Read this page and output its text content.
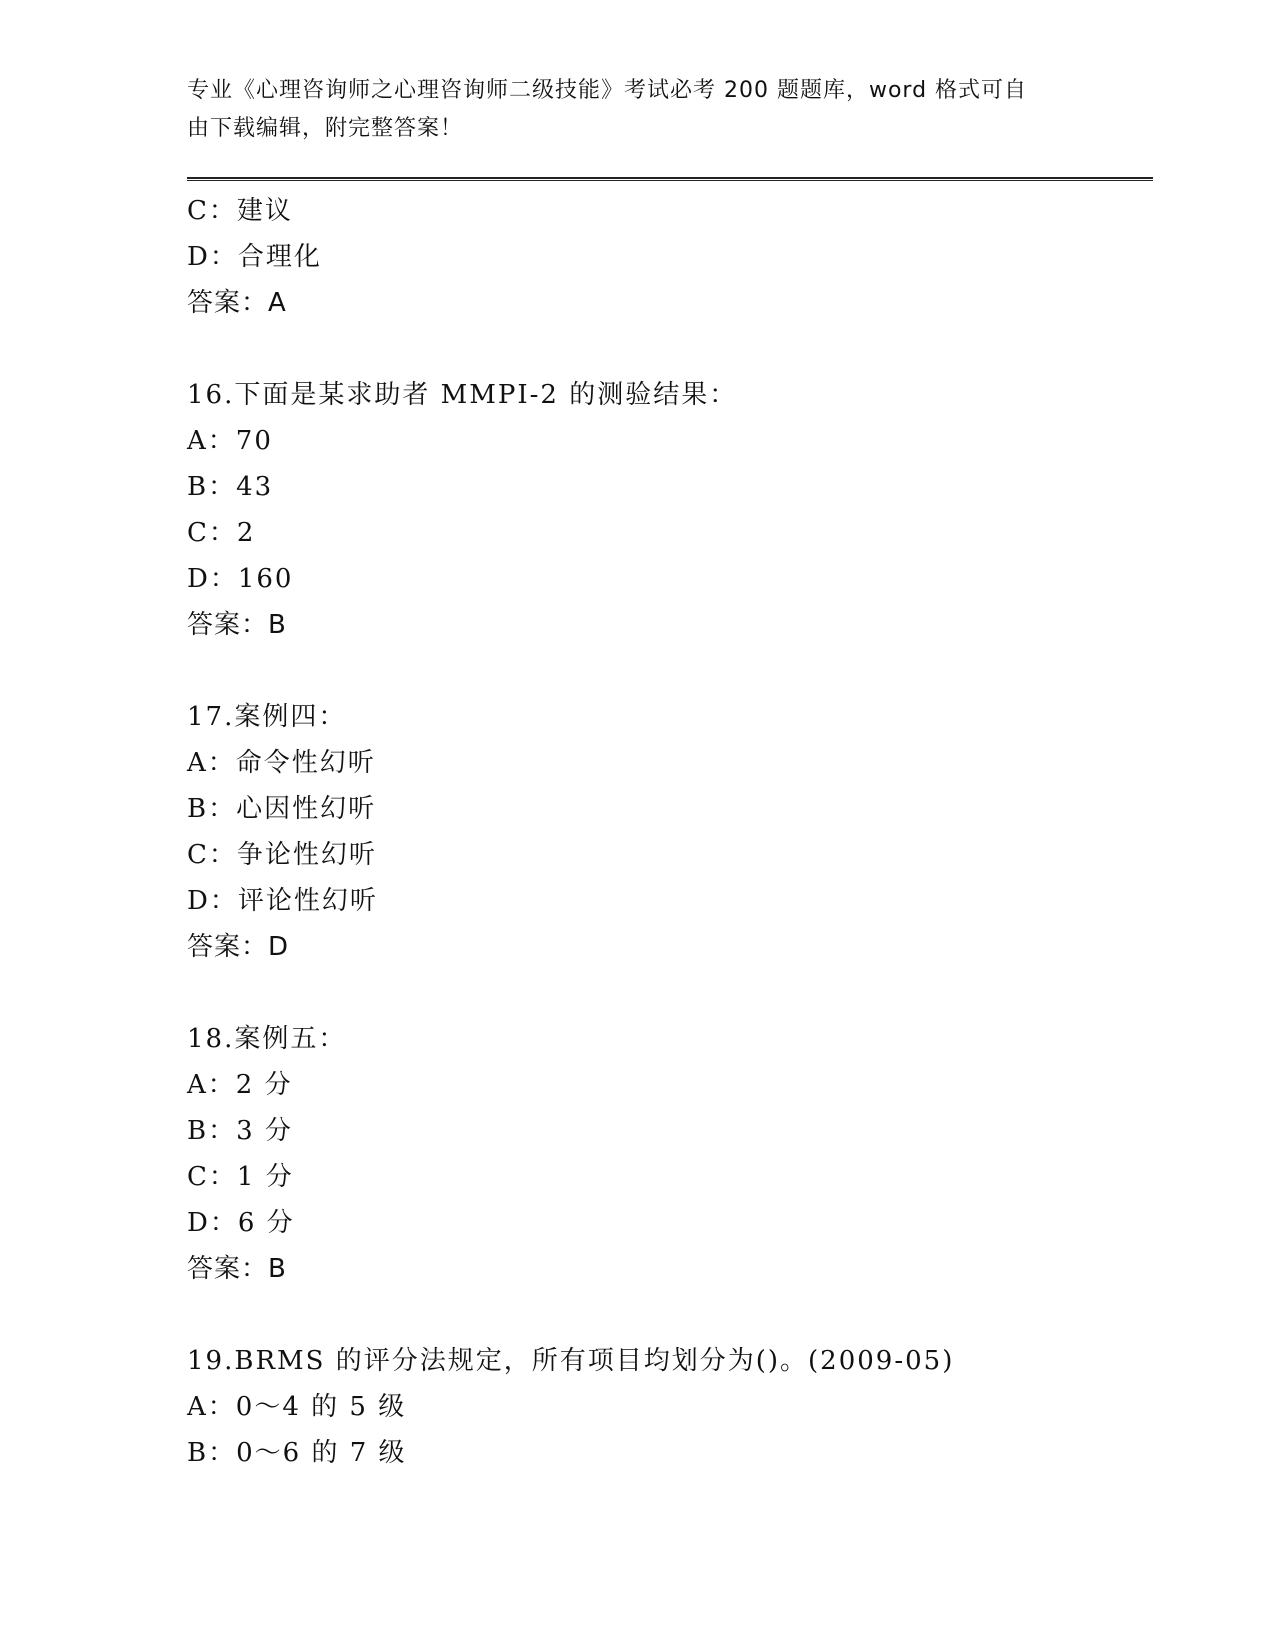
专业《心理咨询师之心理咨询师二级技能》考试必考 200 题题库，word 格式可自
由下载编辑，附完整答案！
C：建议
D：合理化
答案：A
16.下面是某求助者 MMPI-2 的测验结果：
A：70
B：43
C：2
D：160
答案：B
17.案例四：
A：命令性幻听
B：心因性幻听
C：争论性幻听
D：评论性幻听
答案：D
18.案例五：
A：2 分
B：3 分
C：1 分
D：6 分
答案：B
19.BRMS 的评分法规定，所有项目均划分为()。(2009-05)
A：0～4 的 5 级
B：0～6 的 7 级
